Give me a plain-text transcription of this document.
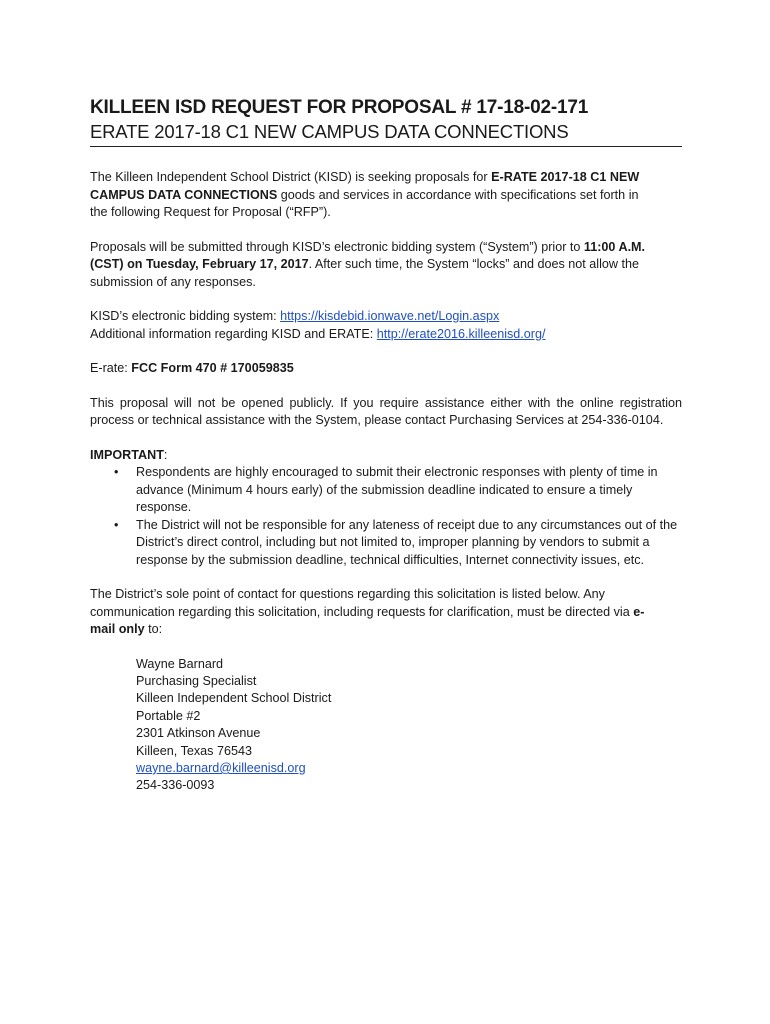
KILLEEN ISD REQUEST FOR PROPOSAL # 17-18-02-171
ERATE 2017-18 C1 NEW CAMPUS DATA CONNECTIONS

The Killeen Independent School District (KISD) is seeking proposals for E-RATE 2017-18 C1 NEW CAMPUS DATA CONNECTIONS goods and services in accordance with specifications set forth in the following Request for Proposal (“RFP”).

Proposals will be submitted through KISD’s electronic bidding system (“System”) prior to 11:00 A.M. (CST) on Tuesday, February 17, 2017. After such time, the System “locks” and does not allow the submission of any responses.

KISD’s electronic bidding system: https://kisdebid.ionwave.net/Login.aspx

Additional information regarding KISD and ERATE: http://erate2016.killeenisd.org/

E-rate: FCC Form 470 # 170059835

This proposal will not be opened publicly. If you require assistance either with the online registration process or technical assistance with the System, please contact Purchasing Services at 254-336-0104.

IMPORTANT:

• Respondents are highly encouraged to submit their electronic responses with plenty of time in advance (Minimum 4 hours early) of the submission deadline indicated to ensure a timely response.
• The District will not be responsible for any lateness of receipt due to any circumstances out of the District’s direct control, including but not limited to, improper planning by vendors to submit a response by the submission deadline, technical difficulties, Internet connectivity issues, etc.

The District’s sole point of contact for questions regarding this solicitation is listed below. Any communication regarding this solicitation, including requests for clarification, must be directed via e-mail only to:

Wayne Barnard

Purchasing Specialist

Killeen Independent School District

Portable #2

2301 Atkinson Avenue

Killeen, Texas 76543

wayne.barnard@killeenisd.org

254-336-0093
